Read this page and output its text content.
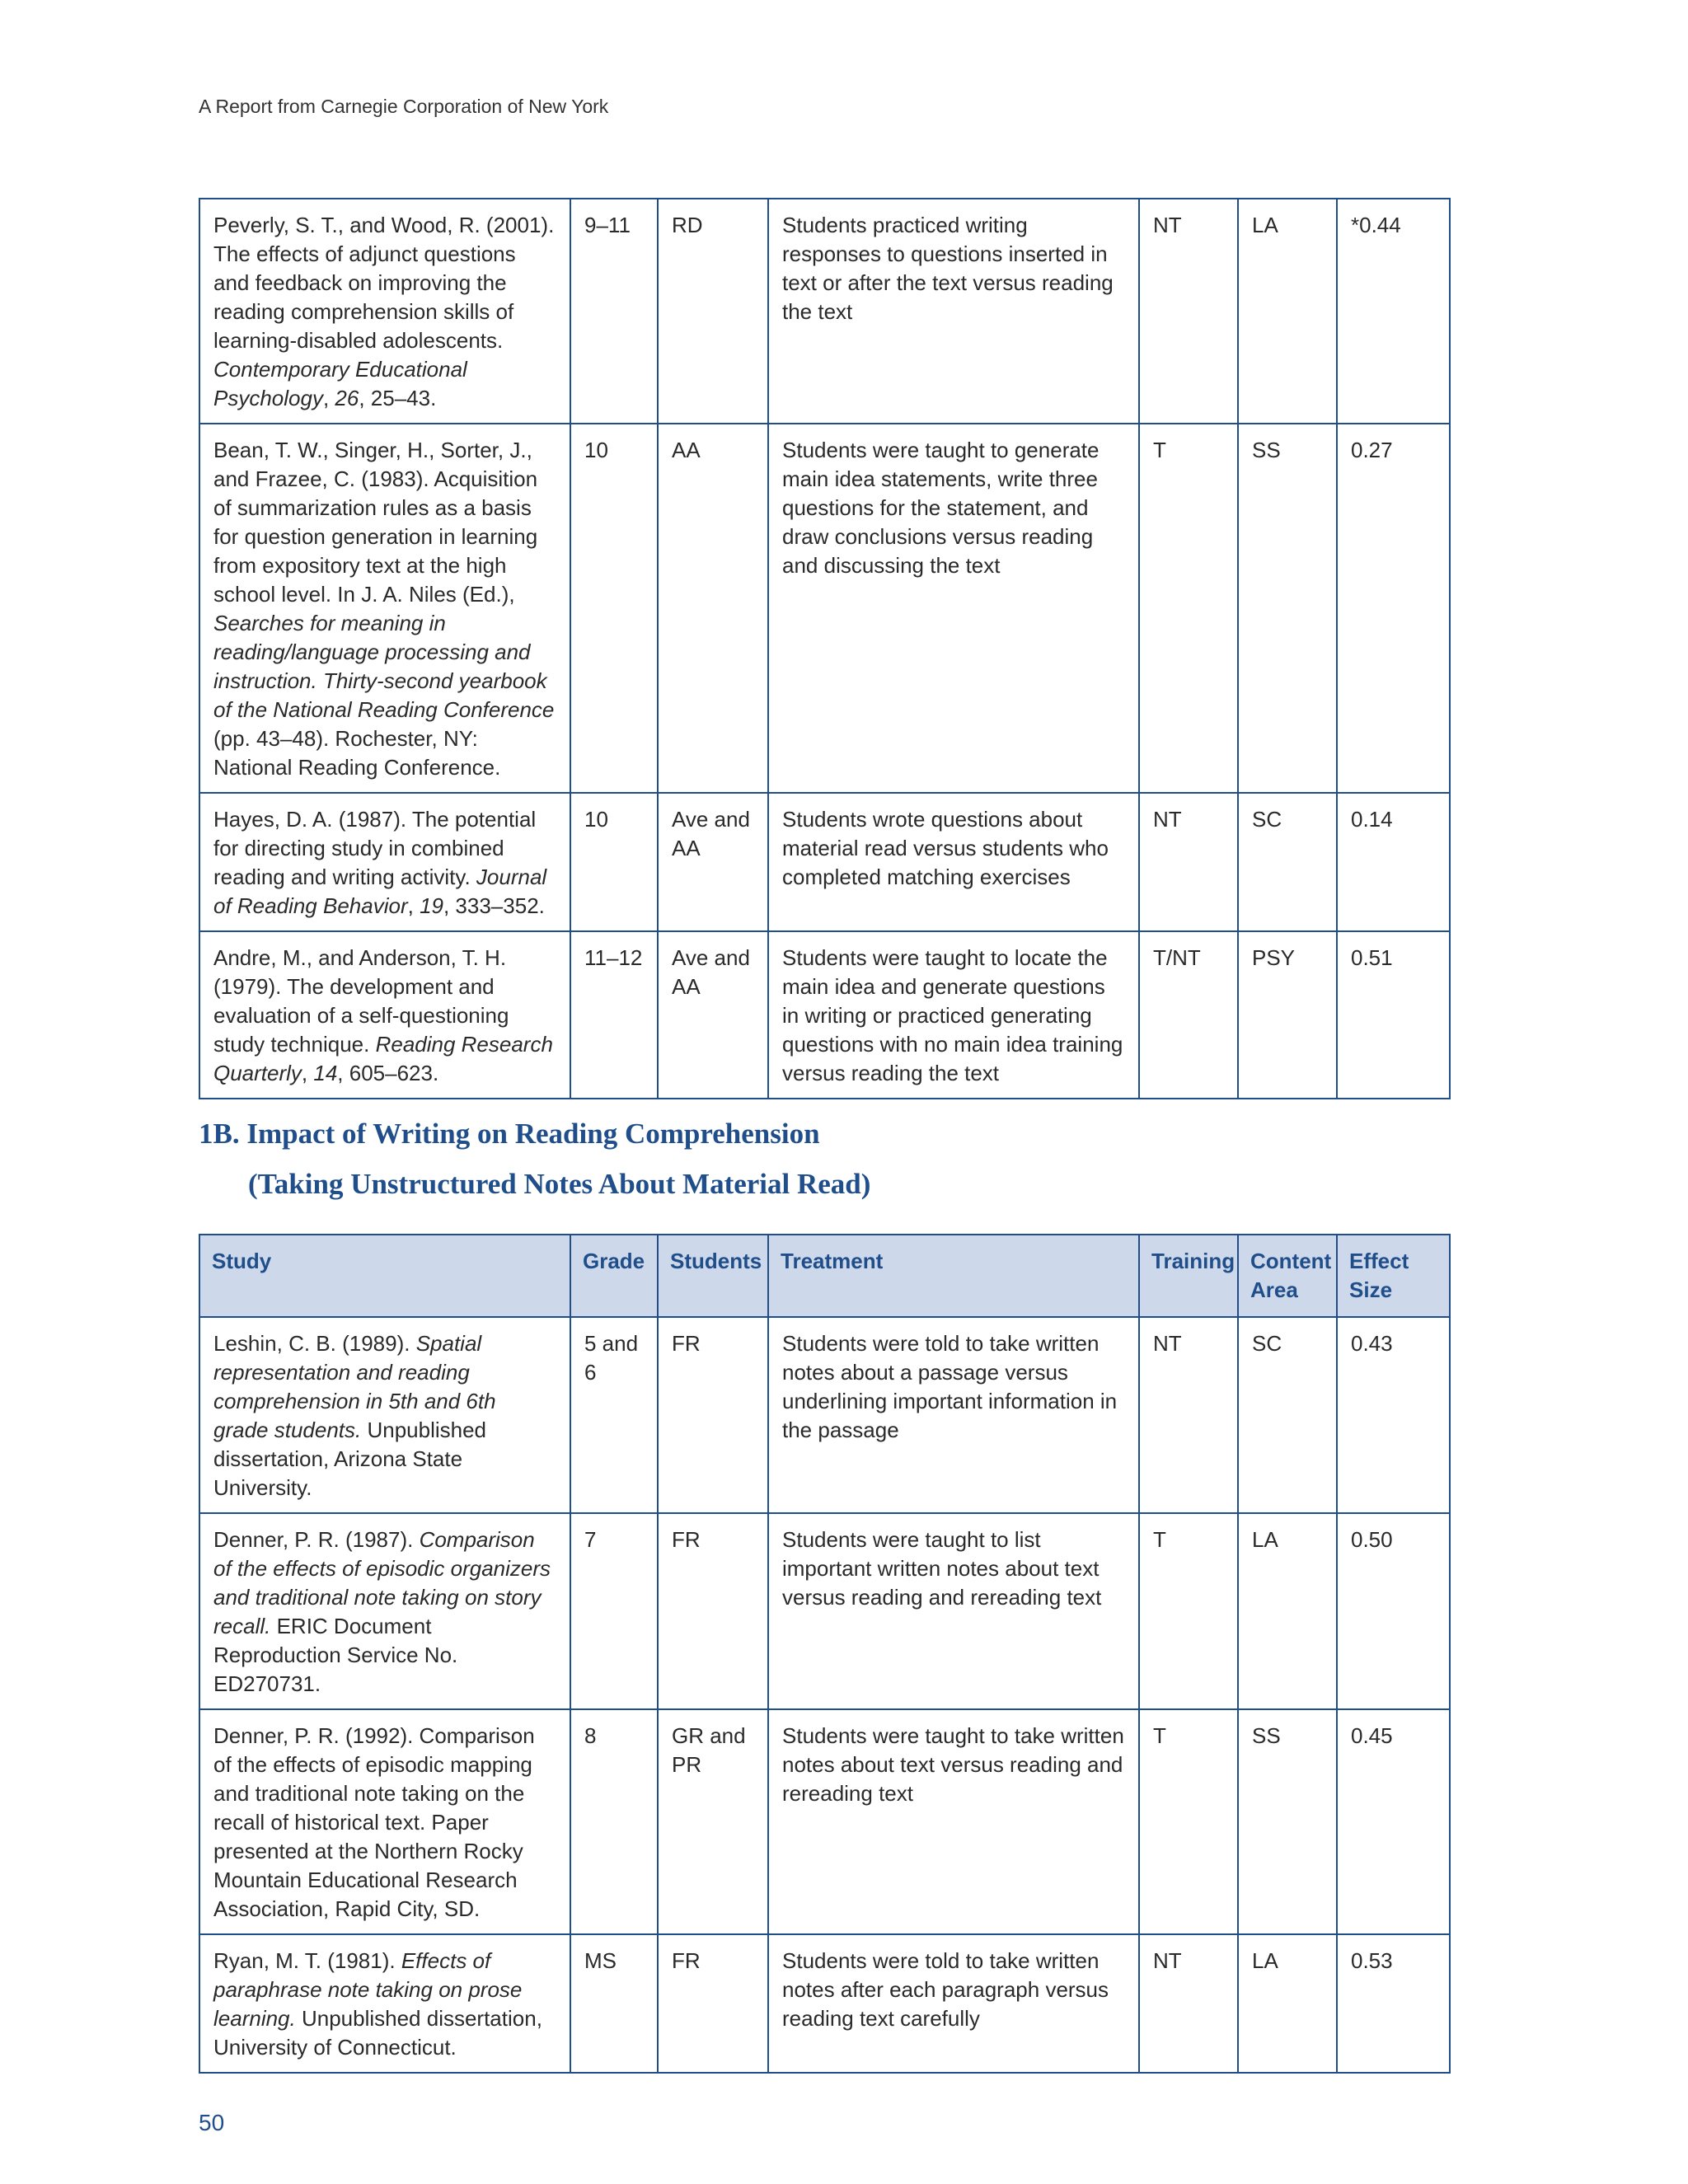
A Report from Carnegie Corporation of New York
Peverly, S. T., and Wood, R. (2001). The effects of adjunct questions and feedback on improving the reading comprehension skills of learning-disabled adolescents. Contemporary Educational Psychology, 26, 25–43.	9–11	RD	Students practiced writing responses to questions inserted in text or after the text versus reading the text	NT	LA	*0.44
Bean, T. W., Singer, H., Sorter, J., and Frazee, C. (1983). Acquisition of summarization rules as a basis for question generation in learning from expository text at the high school level. In J. A. Niles (Ed.), Searches for meaning in reading/language processing and instruction. Thirty-second yearbook of the National Reading Conference (pp. 43–48). Rochester, NY: National Reading Conference.	10	AA	Students were taught to generate main idea statements, write three questions for the statement, and draw conclusions versus reading and discussing the text	T	SS	0.27
Hayes, D. A. (1987). The potential for directing study in combined reading and writing activity. Journal of Reading Behavior, 19, 333–352.	10	Ave and AA	Students wrote questions about material read versus students who completed matching exercises	NT	SC	0.14
Andre, M., and Anderson, T. H. (1979). The development and evaluation of a self-questioning study technique. Reading Research Quarterly, 14, 605–623.	11–12	Ave and AA	Students were taught to locate the main idea and generate questions in writing or practiced generating questions with no main idea training versus reading the text	T/NT	PSY	0.51
1B. Impact of Writing on Reading Comprehension
(Taking Unstructured Notes About Material Read)
Study	Grade	Students	Treatment	Training	Content Area	Effect Size
Leshin, C. B. (1989). Spatial representation and reading comprehension in 5th and 6th grade students. Unpublished dissertation, Arizona State University.	5 and 6	FR	Students were told to take written notes about a passage versus underlining important information in the passage	NT	SC	0.43
Denner, P. R. (1987). Comparison of the effects of episodic organizers and traditional note taking on story recall. ERIC Document Reproduction Service No. ED270731.	7	FR	Students were taught to list important written notes about text versus reading and rereading text	T	LA	0.50
Denner, P. R. (1992). Comparison of the effects of episodic mapping and traditional note taking on the recall of historical text. Paper presented at the Northern Rocky Mountain Educational Research Association, Rapid City, SD.	8	GR and PR	Students were taught to take written notes about text versus reading and rereading text	T	SS	0.45
Ryan, M. T. (1981). Effects of paraphrase note taking on prose learning. Unpublished dissertation, University of Connecticut.	MS	FR	Students were told to take written notes after each paragraph versus reading text carefully	NT	LA	0.53
50
